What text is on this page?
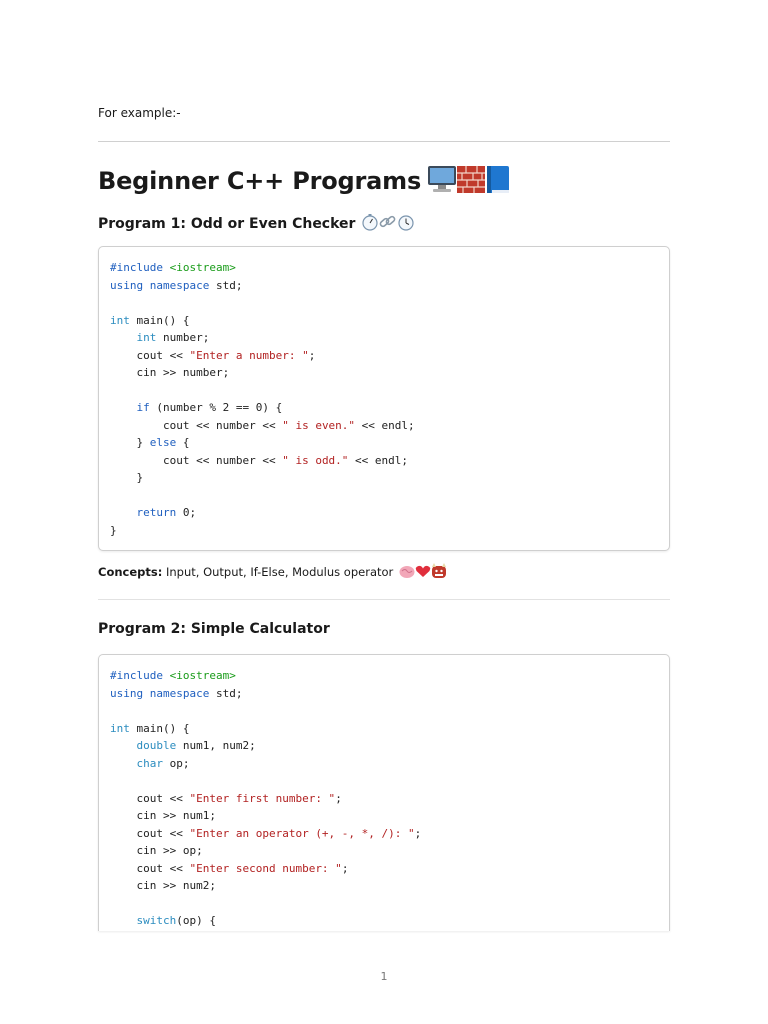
For example:-

Beginner C++ Programs
Program 1: Odd or Even Checker
#include <iostream>
using namespace std;

int main() {
int number;
cout << "Enter a number: ";
cin >> number;

if (number % 2 == 0) {
cout << number << " is even." << endl;
} else {
cout << number << " is odd." << endl;
}

return 0;
}

Concepts: Input, Output, If-Else, Modulus operator

Program 2: Simple Calculator
#include <iostream>
using namespace std;

int main() {
double num1, num2;
char op;

cout << "Enter first number: ";
cin >> num1;
cout << "Enter an operator (+, -, *, /): ";
cin >> op;
cout << "Enter second number: ";
cin >> num2;

switch(op) {
1
